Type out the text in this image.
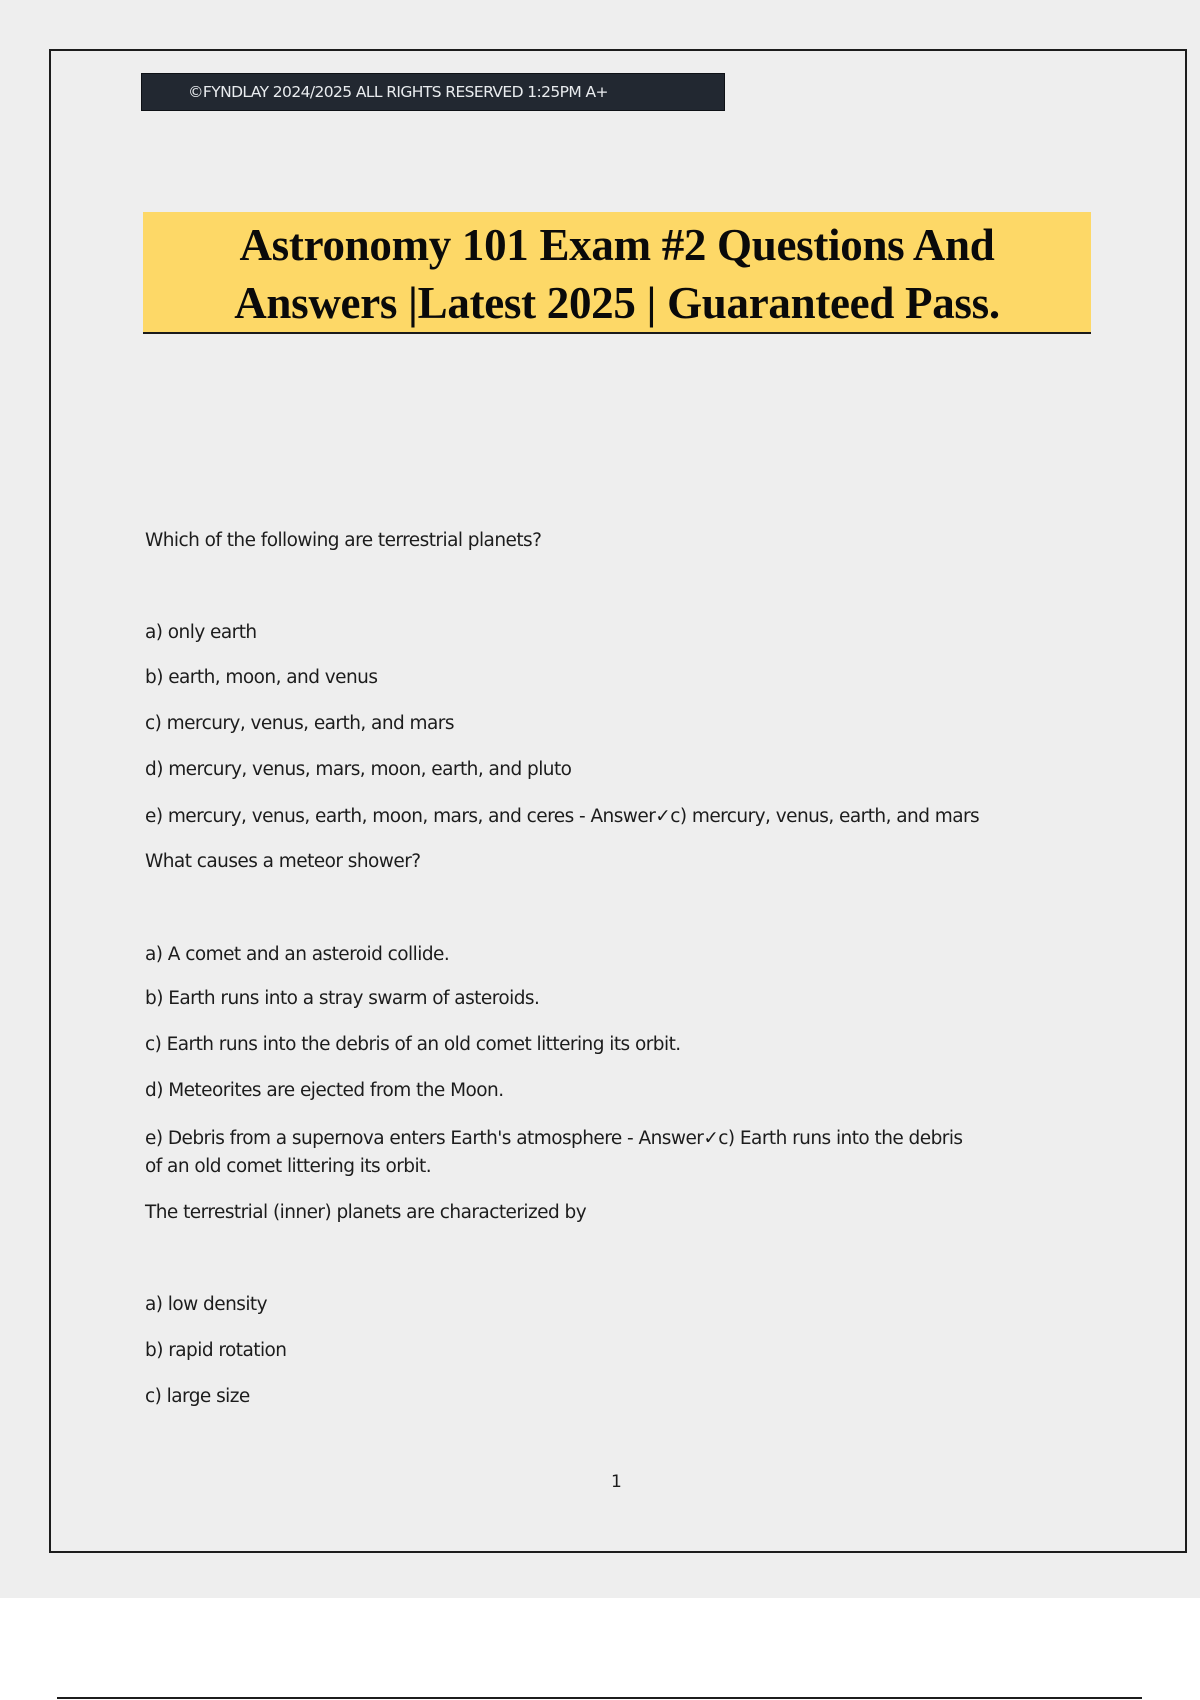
©FYNDLAY 2024/2025 ALL RIGHTS RESERVED 1:25PM A+
Astronomy 101 Exam #2 Questions And
Answers |Latest 2025 | Guaranteed Pass.
Which of the following are terrestrial planets?
a) only earth
b) earth, moon, and venus
c) mercury, venus, earth, and mars
d) mercury, venus, mars, moon, earth, and pluto
e) mercury, venus, earth, moon, mars, and ceres - Answer✓c) mercury, venus, earth, and mars
What causes a meteor shower?
a) A comet and an asteroid collide.
b) Earth runs into a stray swarm of asteroids.
c) Earth runs into the debris of an old comet littering its orbit.
d) Meteorites are ejected from the Moon.
e) Debris from a supernova enters Earth's atmosphere - Answer✓c) Earth runs into the debris
of an old comet littering its orbit.
The terrestrial (inner) planets are characterized by
a) low density
b) rapid rotation
c) large size
1
